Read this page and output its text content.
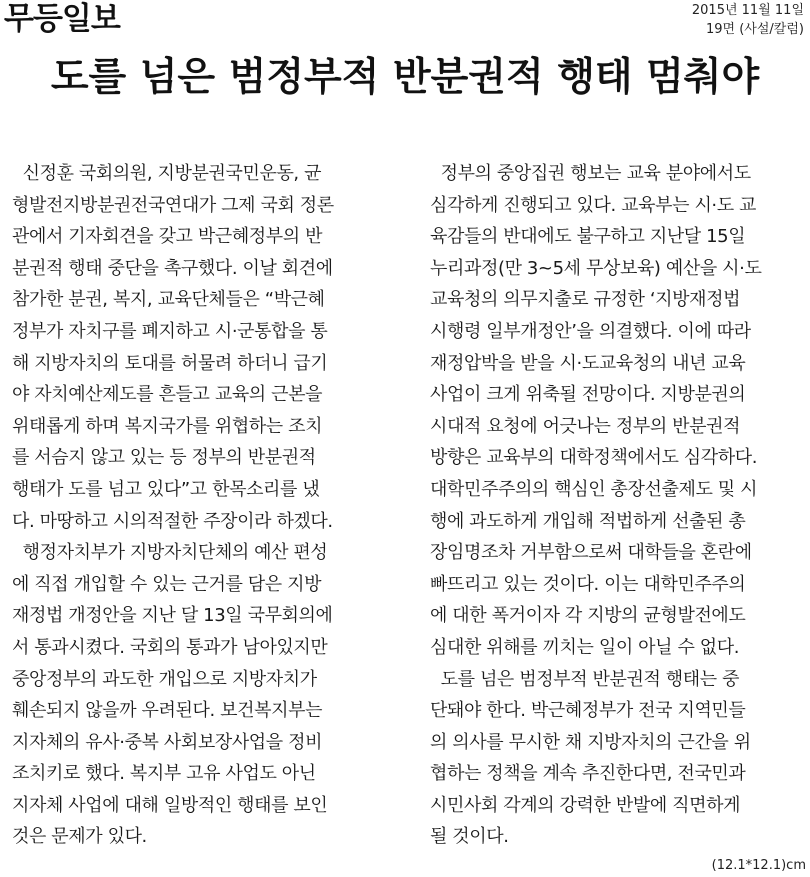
무등일보	2015년 11월 11일
19면 (사설/칼럼)
도를 넘은 범정부적 반분권적 행태 멈춰야
신정훈 국회의원, 지방분권국민운동, 균
형발전지방분권전국연대가 그제 국회 정론
관에서 기자회견을 갖고 박근혜정부의 반
분권적 행태 중단을 촉구했다. 이날 회견에
참가한 분권, 복지, 교육단체들은 “박근혜
정부가 자치구를 폐지하고 시·군통합을 통
해 지방자치의 토대를 허물려 하더니 급기
야 자치예산제도를 흔들고 교육의 근본을
위태롭게 하며 복지국가를 위협하는 조치
를 서슴지 않고 있는 등 정부의 반분권적
행태가 도를 넘고 있다”고 한목소리를 냈
다. 마땅하고 시의적절한 주장이라 하겠다.
행정자치부가 지방자치단체의 예산 편성
에 직접 개입할 수 있는 근거를 담은 지방
재정법 개정안을 지난 달 13일 국무회의에
서 통과시켰다. 국회의 통과가 남아있지만
중앙정부의 과도한 개입으로 지방자치가
훼손되지 않을까 우려된다. 보건복지부는
지자체의 유사·중복 사회보장사업을 정비
조치키로 했다. 복지부 고유 사업도 아닌
지자체 사업에 대해 일방적인 행태를 보인
것은 문제가 있다.
정부의 중앙집권 행보는 교육 분야에서도
심각하게 진행되고 있다. 교육부는 시·도 교
육감들의 반대에도 불구하고 지난달 15일
누리과정(만 3~5세 무상보육) 예산을 시·도
교육청의 의무지출로 규정한 ‘지방재정법
시행령 일부개정안’을 의결했다. 이에 따라
재정압박을 받을 시·도교육청의 내년 교육
사업이 크게 위축될 전망이다. 지방분권의
시대적 요청에 어긋나는 정부의 반분권적
방향은 교육부의 대학정책에서도 심각하다.
대학민주주의의 핵심인 총장선출제도 및 시
행에 과도하게 개입해 적법하게 선출된 총
장임명조차 거부함으로써 대학들을 혼란에
빠뜨리고 있는 것이다. 이는 대학민주주의
에 대한 폭거이자 각 지방의 균형발전에도
심대한 위해를 끼치는 일이 아닐 수 없다.
도를 넘은 범정부적 반분권적 행태는 중
단돼야 한다. 박근혜정부가 전국 지역민들
의 의사를 무시한 채 지방자치의 근간을 위
협하는 정책을 계속 추진한다면, 전국민과
시민사회 각계의 강력한 반발에 직면하게
될 것이다.
(12.1*12.1)cm
